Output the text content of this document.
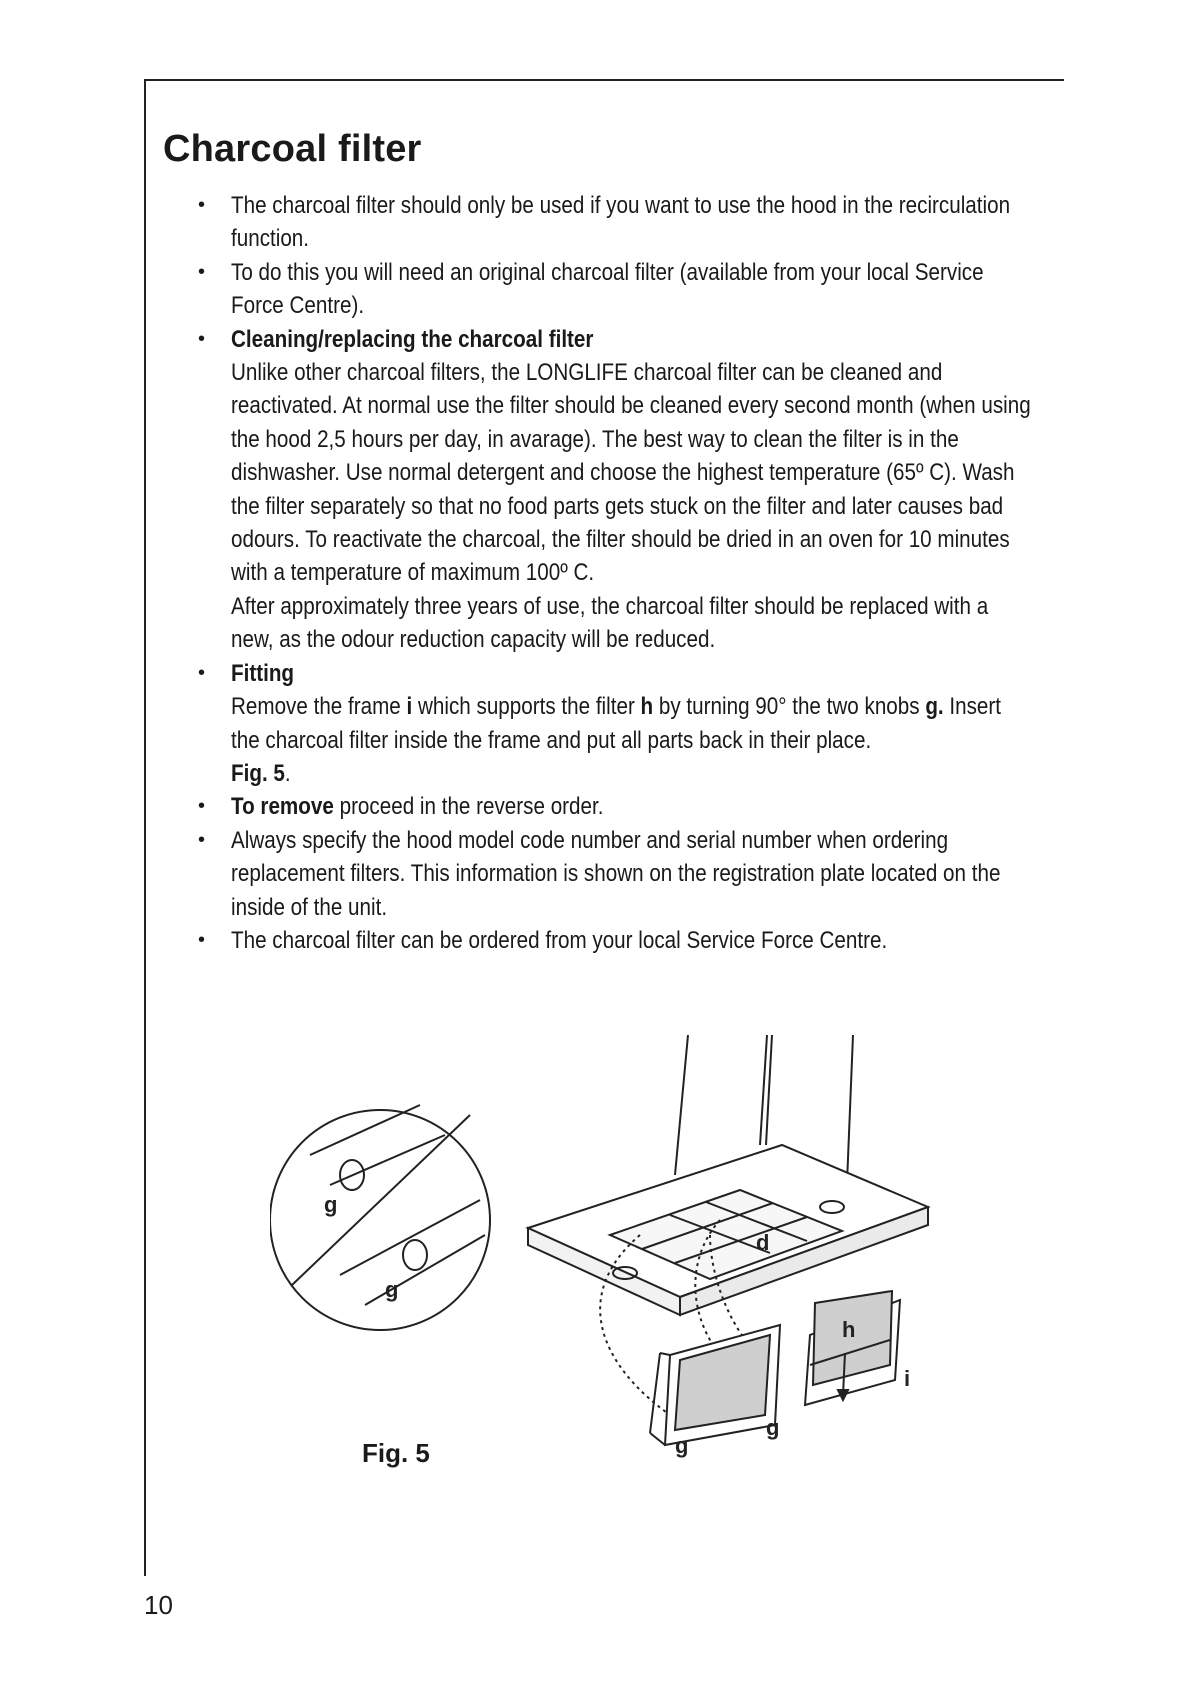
Charcoal filter
• The charcoal filter should only be used if you want to use the hood in the recirculation function.
• To do this you will need an original charcoal filter (available from your local Service Force Centre).
• Cleaning/replacing the charcoal filter
Unlike other charcoal filters, the LONGLIFE charcoal filter can be cleaned and reactivated. At normal use the filter should be cleaned every second month (when using the hood 2,5 hours per day, in avarage). The best way to clean the filter is in the dishwasher. Use normal detergent and choose the highest temperature (65º C). Wash the filter separately so that no food parts gets stuck on the filter and later causes bad odours. To reactivate the charcoal, the filter should be dried in an oven for 10 minutes with a temperature of maximum 100º C.
After approximately three years of use, the charcoal filter should be replaced with a new, as the odour reduction capacity will be reduced.
• Fitting
Remove the frame i which supports the filter h by turning 90° the two knobs g. Insert the charcoal filter inside the frame and put all parts back in their place.
Fig. 5.
• To remove proceed in the reverse order.
• Always specify the hood model code number and serial number when ordering replacement filters. This information is shown on the registration plate located on the inside of the unit.
• The charcoal filter can be ordered from your local Service Force Centre.
g
g
d
h
i
g
g
Fig. 5
10
